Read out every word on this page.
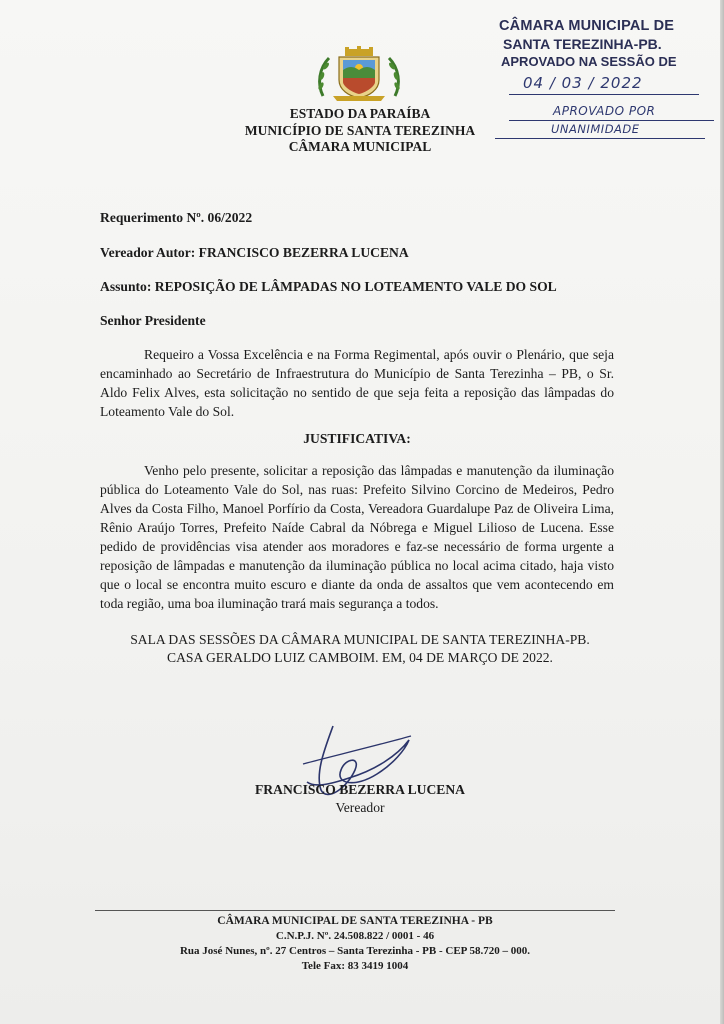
CÂMARA MUNICIPAL DE
SANTA TEREZINHA-PB.
APROVADO NA SESSÃO DE
04 / 03 / 2022
APROVADO POR
UNANIMIDADE
ESTADO DA PARAÍBA
MUNICÍPIO DE SANTA TEREZINHA
CÂMARA MUNICIPAL
Requerimento Nº. 06/2022
Vereador Autor: FRANCISCO BEZERRA LUCENA
Assunto: REPOSIÇÃO DE LÂMPADAS NO LOTEAMENTO VALE DO SOL
Senhor Presidente
Requeiro a Vossa Excelência e na Forma Regimental, após ouvir o Plenário, que seja encaminhado ao Secretário de Infraestrutura do Município de Santa Terezinha – PB, o Sr. Aldo Felix Alves, esta solicitação no sentido de que seja feita a reposição das lâmpadas do Loteamento Vale do Sol.
JUSTIFICATIVA:
Venho pelo presente, solicitar a reposição das lâmpadas e manutenção da iluminação pública do Loteamento Vale do Sol, nas ruas: Prefeito Silvino Corcino de Medeiros, Pedro Alves da Costa Filho, Manoel Porfírio da Costa, Vereadora Guardalupe Paz de Oliveira Lima, Rênio Araújo Torres, Prefeito Naíde Cabral da Nóbrega e Miguel Lilioso de Lucena. Esse pedido de providências visa atender aos moradores e faz-se necessário de forma urgente a reposição de lâmpadas e manutenção da iluminação pública no local acima citado, haja visto que o local se encontra muito escuro e diante da onda de assaltos que vem acontecendo em toda região, uma boa iluminação trará mais segurança a todos.
SALA DAS SESSÕES DA CÂMARA MUNICIPAL DE SANTA TEREZINHA-PB.
CASA GERALDO LUIZ CAMBOIM. EM, 04 DE MARÇO DE 2022.
FRANCISCO BEZERRA LUCENA
Vereador
CÂMARA MUNICIPAL DE SANTA TEREZINHA - PB
C.N.P.J. Nº. 24.508.822 / 0001 - 46
Rua José Nunes, nº. 27 Centros – Santa Terezinha - PB - CEP 58.720 – 000.
Tele Fax: 83 3419 1004
